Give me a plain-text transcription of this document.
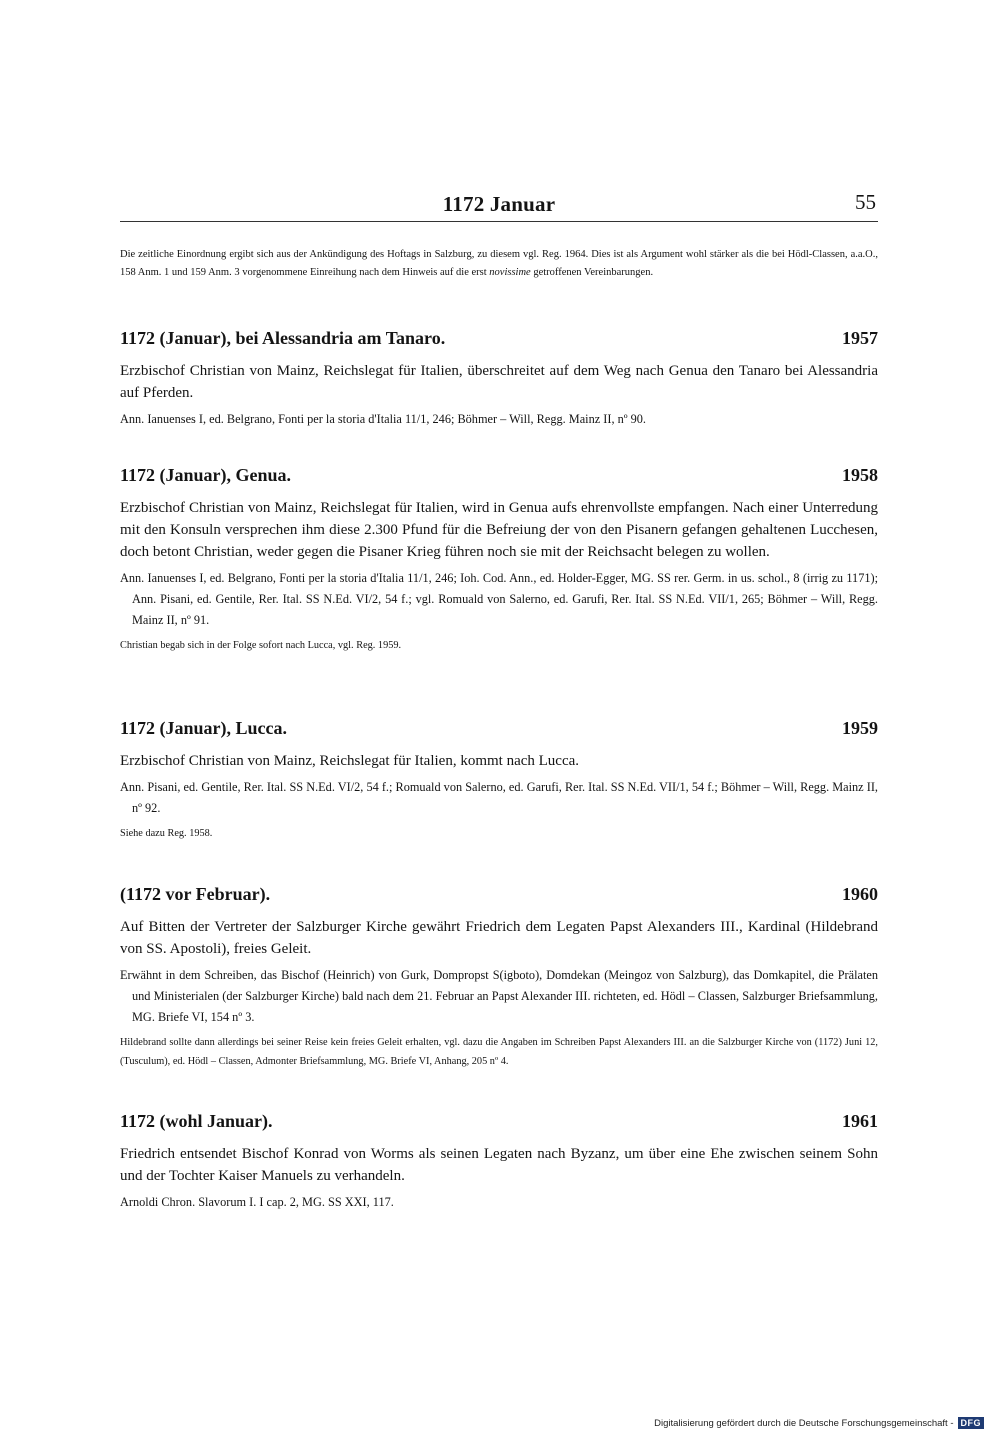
1172 Januar	55
Die zeitliche Einordnung ergibt sich aus der Ankündigung des Hoftags in Salzburg, zu diesem vgl. Reg. 1964. Dies ist als Argument wohl stärker als die bei Hödl-Classen, a.a.O., 158 Anm. 1 und 159 Anm. 3 vorgenommene Einreihung nach dem Hinweis auf die erst novissime getroffenen Vereinbarungen.
1172 (Januar), bei Alessandria am Tanaro.	1957
Erzbischof Christian von Mainz, Reichslegat für Italien, überschreitet auf dem Weg nach Genua den Tanaro bei Alessandria auf Pferden.
Ann. Ianuenses I, ed. Belgrano, Fonti per la storia d'Italia 11/1, 246; Böhmer – Will, Regg. Mainz II, nº 90.
1172 (Januar), Genua.	1958
Erzbischof Christian von Mainz, Reichslegat für Italien, wird in Genua aufs ehrenvollste empfangen. Nach einer Unterredung mit den Konsuln versprechen ihm diese 2.300 Pfund für die Befreiung der von den Pisanern gefangen gehaltenen Lucchesen, doch betont Christian, weder gegen die Pisaner Krieg führen noch sie mit der Reichsacht belegen zu wollen.
Ann. Ianuenses I, ed. Belgrano, Fonti per la storia d'Italia 11/1, 246; Ioh. Cod. Ann., ed. Holder-Egger, MG. SS rer. Germ. in us. schol., 8 (irrig zu 1171); Ann. Pisani, ed. Gentile, Rer. Ital. SS N.Ed. VI/2, 54 f.; vgl. Romuald von Salerno, ed. Garufi, Rer. Ital. SS N.Ed. VII/1, 265; Böhmer – Will, Regg. Mainz II, nº 91.
Christian begab sich in der Folge sofort nach Lucca, vgl. Reg. 1959.
1172 (Januar), Lucca.	1959
Erzbischof Christian von Mainz, Reichslegat für Italien, kommt nach Lucca.
Ann. Pisani, ed. Gentile, Rer. Ital. SS N.Ed. VI/2, 54 f.; Romuald von Salerno, ed. Garufi, Rer. Ital. SS N.Ed. VII/1, 54 f.; Böhmer – Will, Regg. Mainz II, nº 92.
Siehe dazu Reg. 1958.
(1172 vor Februar).	1960
Auf Bitten der Vertreter der Salzburger Kirche gewährt Friedrich dem Legaten Papst Alexanders III., Kardinal (Hildebrand von SS. Apostoli), freies Geleit.
Erwähnt in dem Schreiben, das Bischof (Heinrich) von Gurk, Dompropst S(igboto), Domdekan (Meingoz von Salzburg), das Domkapitel, die Prälaten und Ministerialen (der Salzburger Kirche) bald nach dem 21. Februar an Papst Alexander III. richteten, ed. Hödl – Classen, Salzburger Briefsammlung, MG. Briefe VI, 154 nº 3.
Hildebrand sollte dann allerdings bei seiner Reise kein freies Geleit erhalten, vgl. dazu die Angaben im Schreiben Papst Alexanders III. an die Salzburger Kirche von (1172) Juni 12, (Tusculum), ed. Hödl – Classen, Admonter Briefsammlung, MG. Briefe VI, Anhang, 205 nº 4.
1172 (wohl Januar).	1961
Friedrich entsendet Bischof Konrad von Worms als seinen Legaten nach Byzanz, um über eine Ehe zwischen seinem Sohn und der Tochter Kaiser Manuels zu verhandeln.
Arnoldi Chron. Slavorum I. I cap. 2, MG. SS XXI, 117.
Digitalisierung gefördert durch die Deutsche Forschungsgemeinschaft - DFG
